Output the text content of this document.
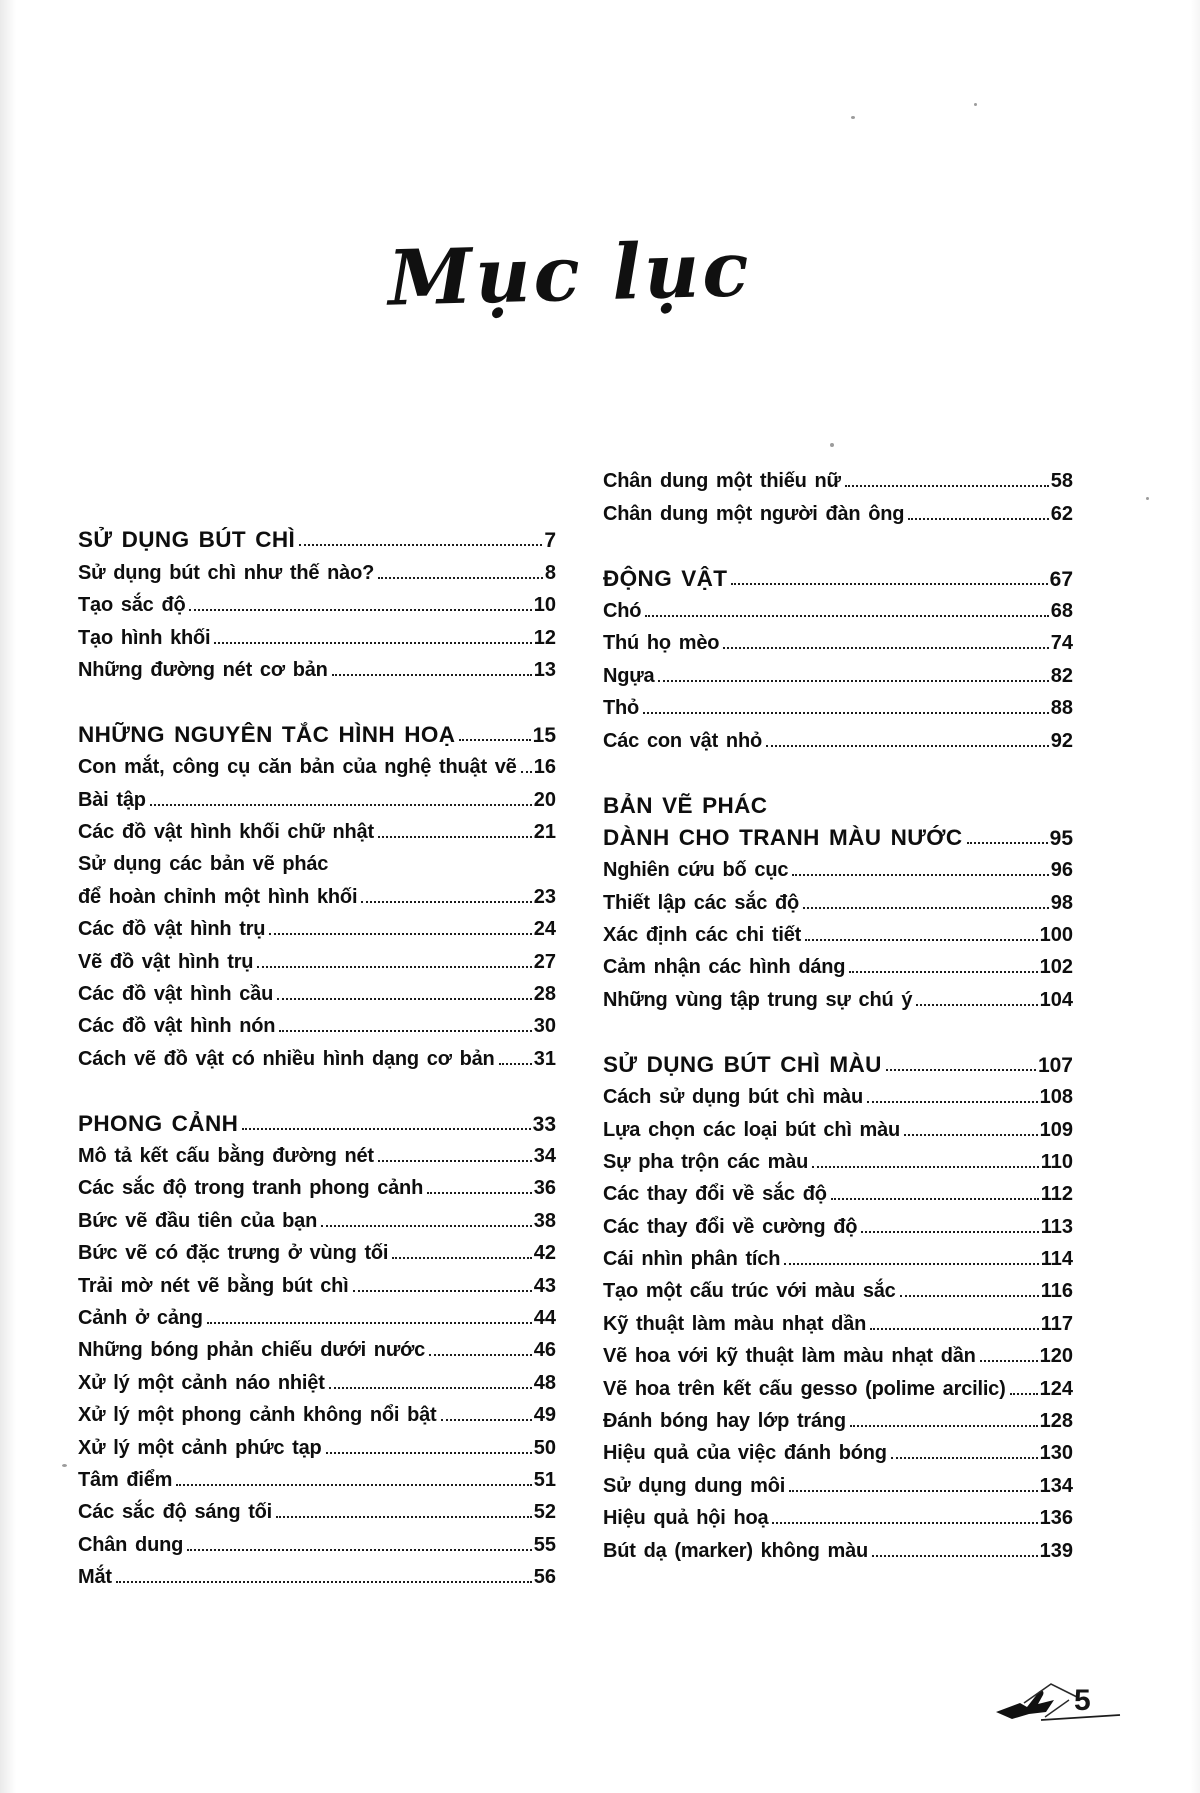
Mục lục
SỬ DỤNG BÚT CHÌ	7
Sử dụng bút chì như thế nào?	8
Tạo sắc độ	10
Tạo hình khối	12
Những đường nét cơ bản	13
NHỮNG NGUYÊN TẮC HÌNH HOẠ	15
Con mắt, công cụ căn bản của nghệ thuật vẽ 16
Bài tập	20
Các đồ vật hình khối chữ nhật	21
Sử dụng các bản vẽ phác
để hoàn chỉnh một hình khối	23
Các đồ vật hình trụ	24
Vẽ đồ vật hình trụ	27
Các đồ vật hình cầu	28
Các đồ vật hình nón	30
Cách vẽ đồ vật có nhiều hình dạng cơ bản 31
PHONG CẢNH	33
Mô tả kết cấu bằng đường nét	34
Các sắc độ trong tranh phong cảnh	36
Bức vẽ đầu tiên của bạn	38
Bức vẽ có đặc trưng ở vùng tối	42
Trải mờ nét vẽ bằng bút chì	43
Cảnh ở cảng	44
Những bóng phản chiếu dưới nước	46
Xử lý một cảnh náo nhiệt	48
Xử lý một phong cảnh không nổi bật	49
Xử lý một cảnh phức tạp	50
Tâm điểm	51
Các sắc độ sáng tối	52
Chân dung	55
Mắt	56
Chân dung một thiếu nữ	58
Chân dung một người đàn ông	62
ĐỘNG VẬT	67
Chó	68
Thú họ mèo	74
Ngựa	82
Thỏ	88
Các con vật nhỏ	92
BẢN VẼ PHÁC
DÀNH CHO TRANH MÀU NƯỚC	95
Nghiên cứu bố cục	96
Thiết lập các sắc độ	98
Xác định các chi tiết	100
Cảm nhận các hình dáng	102
Những vùng tập trung sự chú ý	104
SỬ DỤNG BÚT CHÌ MÀU	107
Cách sử dụng bút chì màu	108
Lựa chọn các loại bút chì màu	109
Sự pha trộn các màu	110
Các thay đổi về sắc độ	112
Các thay đổi về cường độ	113
Cái nhìn phân tích	114
Tạo một cấu trúc với màu sắc	116
Kỹ thuật làm màu nhạt dần	117
Vẽ hoa với kỹ thuật làm màu nhạt dần	120
Vẽ hoa trên kết cấu gesso (polime arcilic) 124
Đánh bóng hay lớp tráng	128
Hiệu quả của việc đánh bóng	130
Sử dụng dung môi	134
Hiệu quả hội hoạ	136
Bút dạ (marker) không màu	139
5
